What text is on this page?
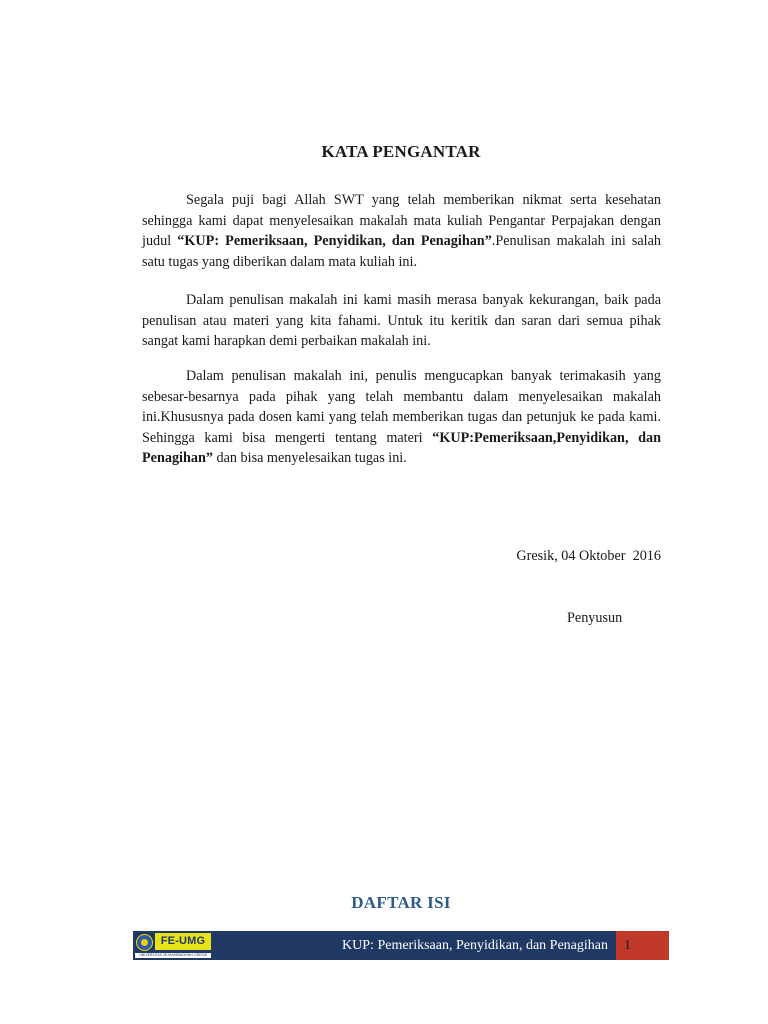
KATA PENGANTAR

Segala puji bagi Allah SWT yang telah memberikan nikmat serta kesehatan sehingga kami dapat menyelesaikan makalah mata kuliah Pengantar Perpajakan dengan judul “KUP: Pemeriksaan, Penyidikan, dan Penagihan”.Penulisan makalah ini salah satu tugas yang diberikan dalam mata kuliah ini.

Dalam penulisan makalah ini kami masih merasa banyak kekurangan, baik pada penulisan atau materi yang kita fahami. Untuk itu keritik dan saran dari semua pihak sangat kami harapkan demi perbaikan makalah ini.

Dalam penulisan makalah ini, penulis mengucapkan banyak terimakasih yang sebesar-besarnya pada pihak yang telah membantu dalam menyelesaikan makalah ini.Khususnya pada dosen kami yang telah memberikan tugas dan petunjuk ke pada kami. Sehingga kami bisa mengerti tentang materi “KUP:Pemeriksaan,Penyidikan, dan Penagihan” dan bisa menyelesaikan tugas ini.

Gresik, 04 Oktober  2016
Penyusun
DAFTAR ISI
FE-UMG
UNIVERSITAS MUHAMMADIYAH GRESIK
KUP: Pemeriksaan, Penyidikan, dan Penagihan	1
